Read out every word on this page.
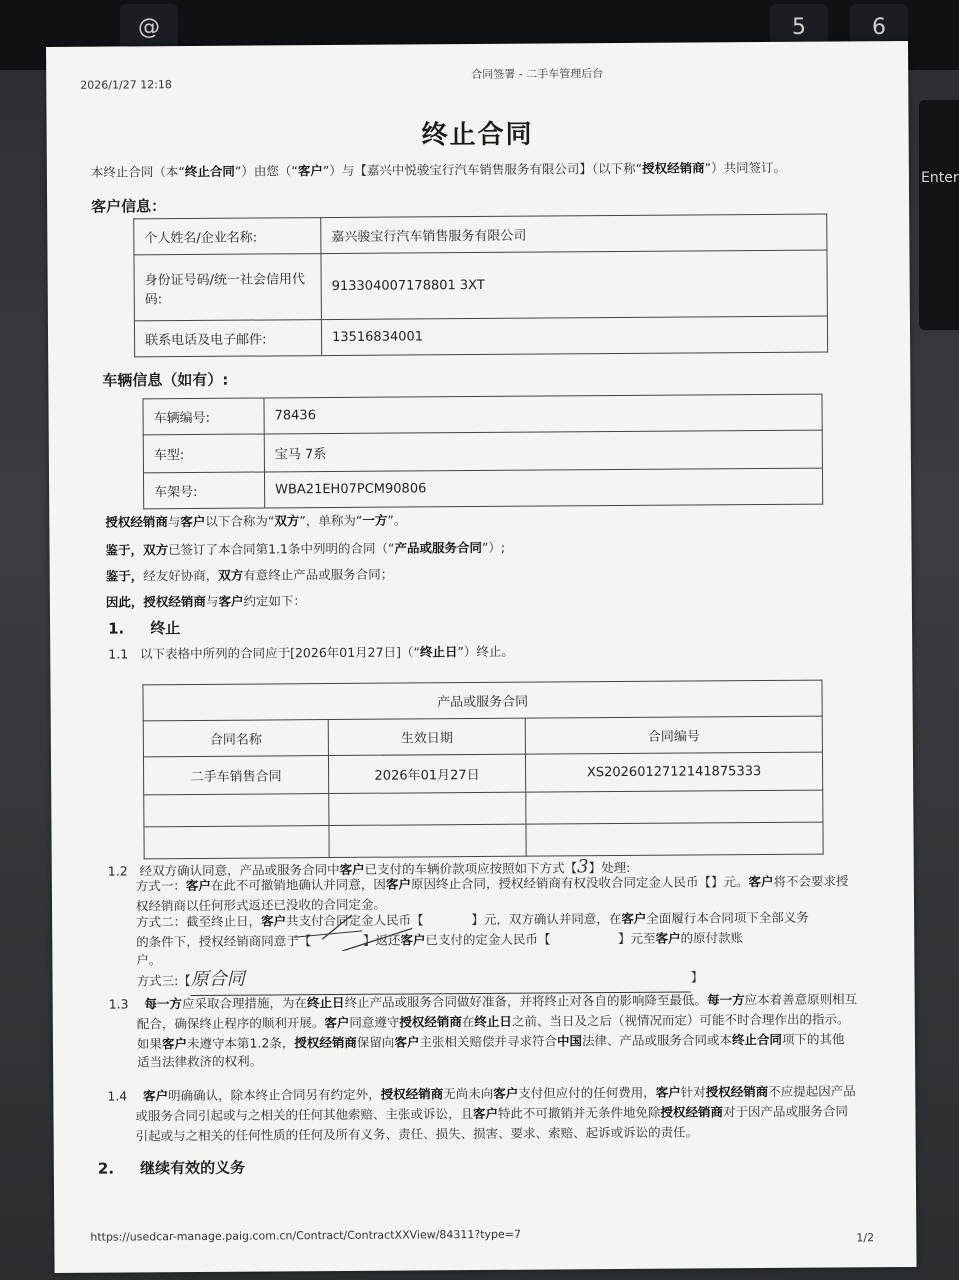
@	5	6
Enter
2026/1/27 12:18
合同签署 - 二手车管理后台
终止合同
本终止合同（本“终止合同”）由您（“客户”）与【嘉兴中悦骏宝行汽车销售服务有限公司】（以下称“授权经销商”）共同签订。
客户信息：
个人姓名/企业名称:	嘉兴骏宝行汽车销售服务有限公司
身份证号码/统一社会信用代码:	913304007178801 3XT
联系电话及电子邮件:	13516834001
车辆信息（如有）:
车辆编号:	78436
车型:	宝马 7系
车架号:	WBA21EH07PCM90806
授权经销商与客户以下合称为“双方”，单称为“一方”。
鉴于，双方已签订了本合同第1.1条中列明的合同（“产品或服务合同”）;
鉴于，经友好协商，双方有意终止产品或服务合同；
因此，授权经销商与客户约定如下：
1. 终止
1.1 以下表格中所列的合同应于[2026年01月27日]（“终止日”）终止。
产品或服务合同		
合同名称	生效日期	合同编号
二手车销售合同	2026年01月27日	XS2026012712141875333

1.2 经双方确认同意，产品或服务合同中客户已支付的车辆价款项应按照如下方式【3】处理:
方式一：客户在此不可撤销地确认并同意，因客户原因终止合同，授权经销商有权没收合同定金人民币【】元。客户将不会要求授
权经销商以任何形式返还已没收的合同定金。
方式二：截至终止日，客户共支付合同定金人民币【	】元，双方确认并同意，在客户全面履行本合同项下全部义务
的条件下，授权经销商同意于【	】返还客户已支付的定金人民币【	】元至客户的原付款账
户。
方式三:【原合同	】
1.3 每一方应采取合理措施，为在终止日终止产品或服务合同做好准备，并将终止对各自的影响降至最低。每一方应本着善意原则相互
配合，确保终止程序的顺利开展。客户同意遵守授权经销商在终止日之前、当日及之后（视情况而定）可能不时合理作出的指示。
如果客户未遵守本第1.2条，授权经销商保留向客户主张相关赔偿并寻求符合中国法律、产品或服务合同或本终止合同项下的其他
适当法律救济的权利。
1.4 客户明确确认，除本终止合同另有约定外，授权经销商无尚未向客户支付但应付的任何费用，客户针对授权经销商不应提起因产品
或服务合同引起或与之相关的任何其他索赔、主张或诉讼，且客户特此不可撤销并无条件地免除授权经销商对于因产品或服务合同
引起或与之相关的任何性质的任何及所有义务、责任、损失、损害、要求、索赔、起诉或诉讼的责任。
2. 继续有效的义务
https://usedcar-manage.paig.com.cn/Contract/ContractXXView/84311?type=7	1/2
